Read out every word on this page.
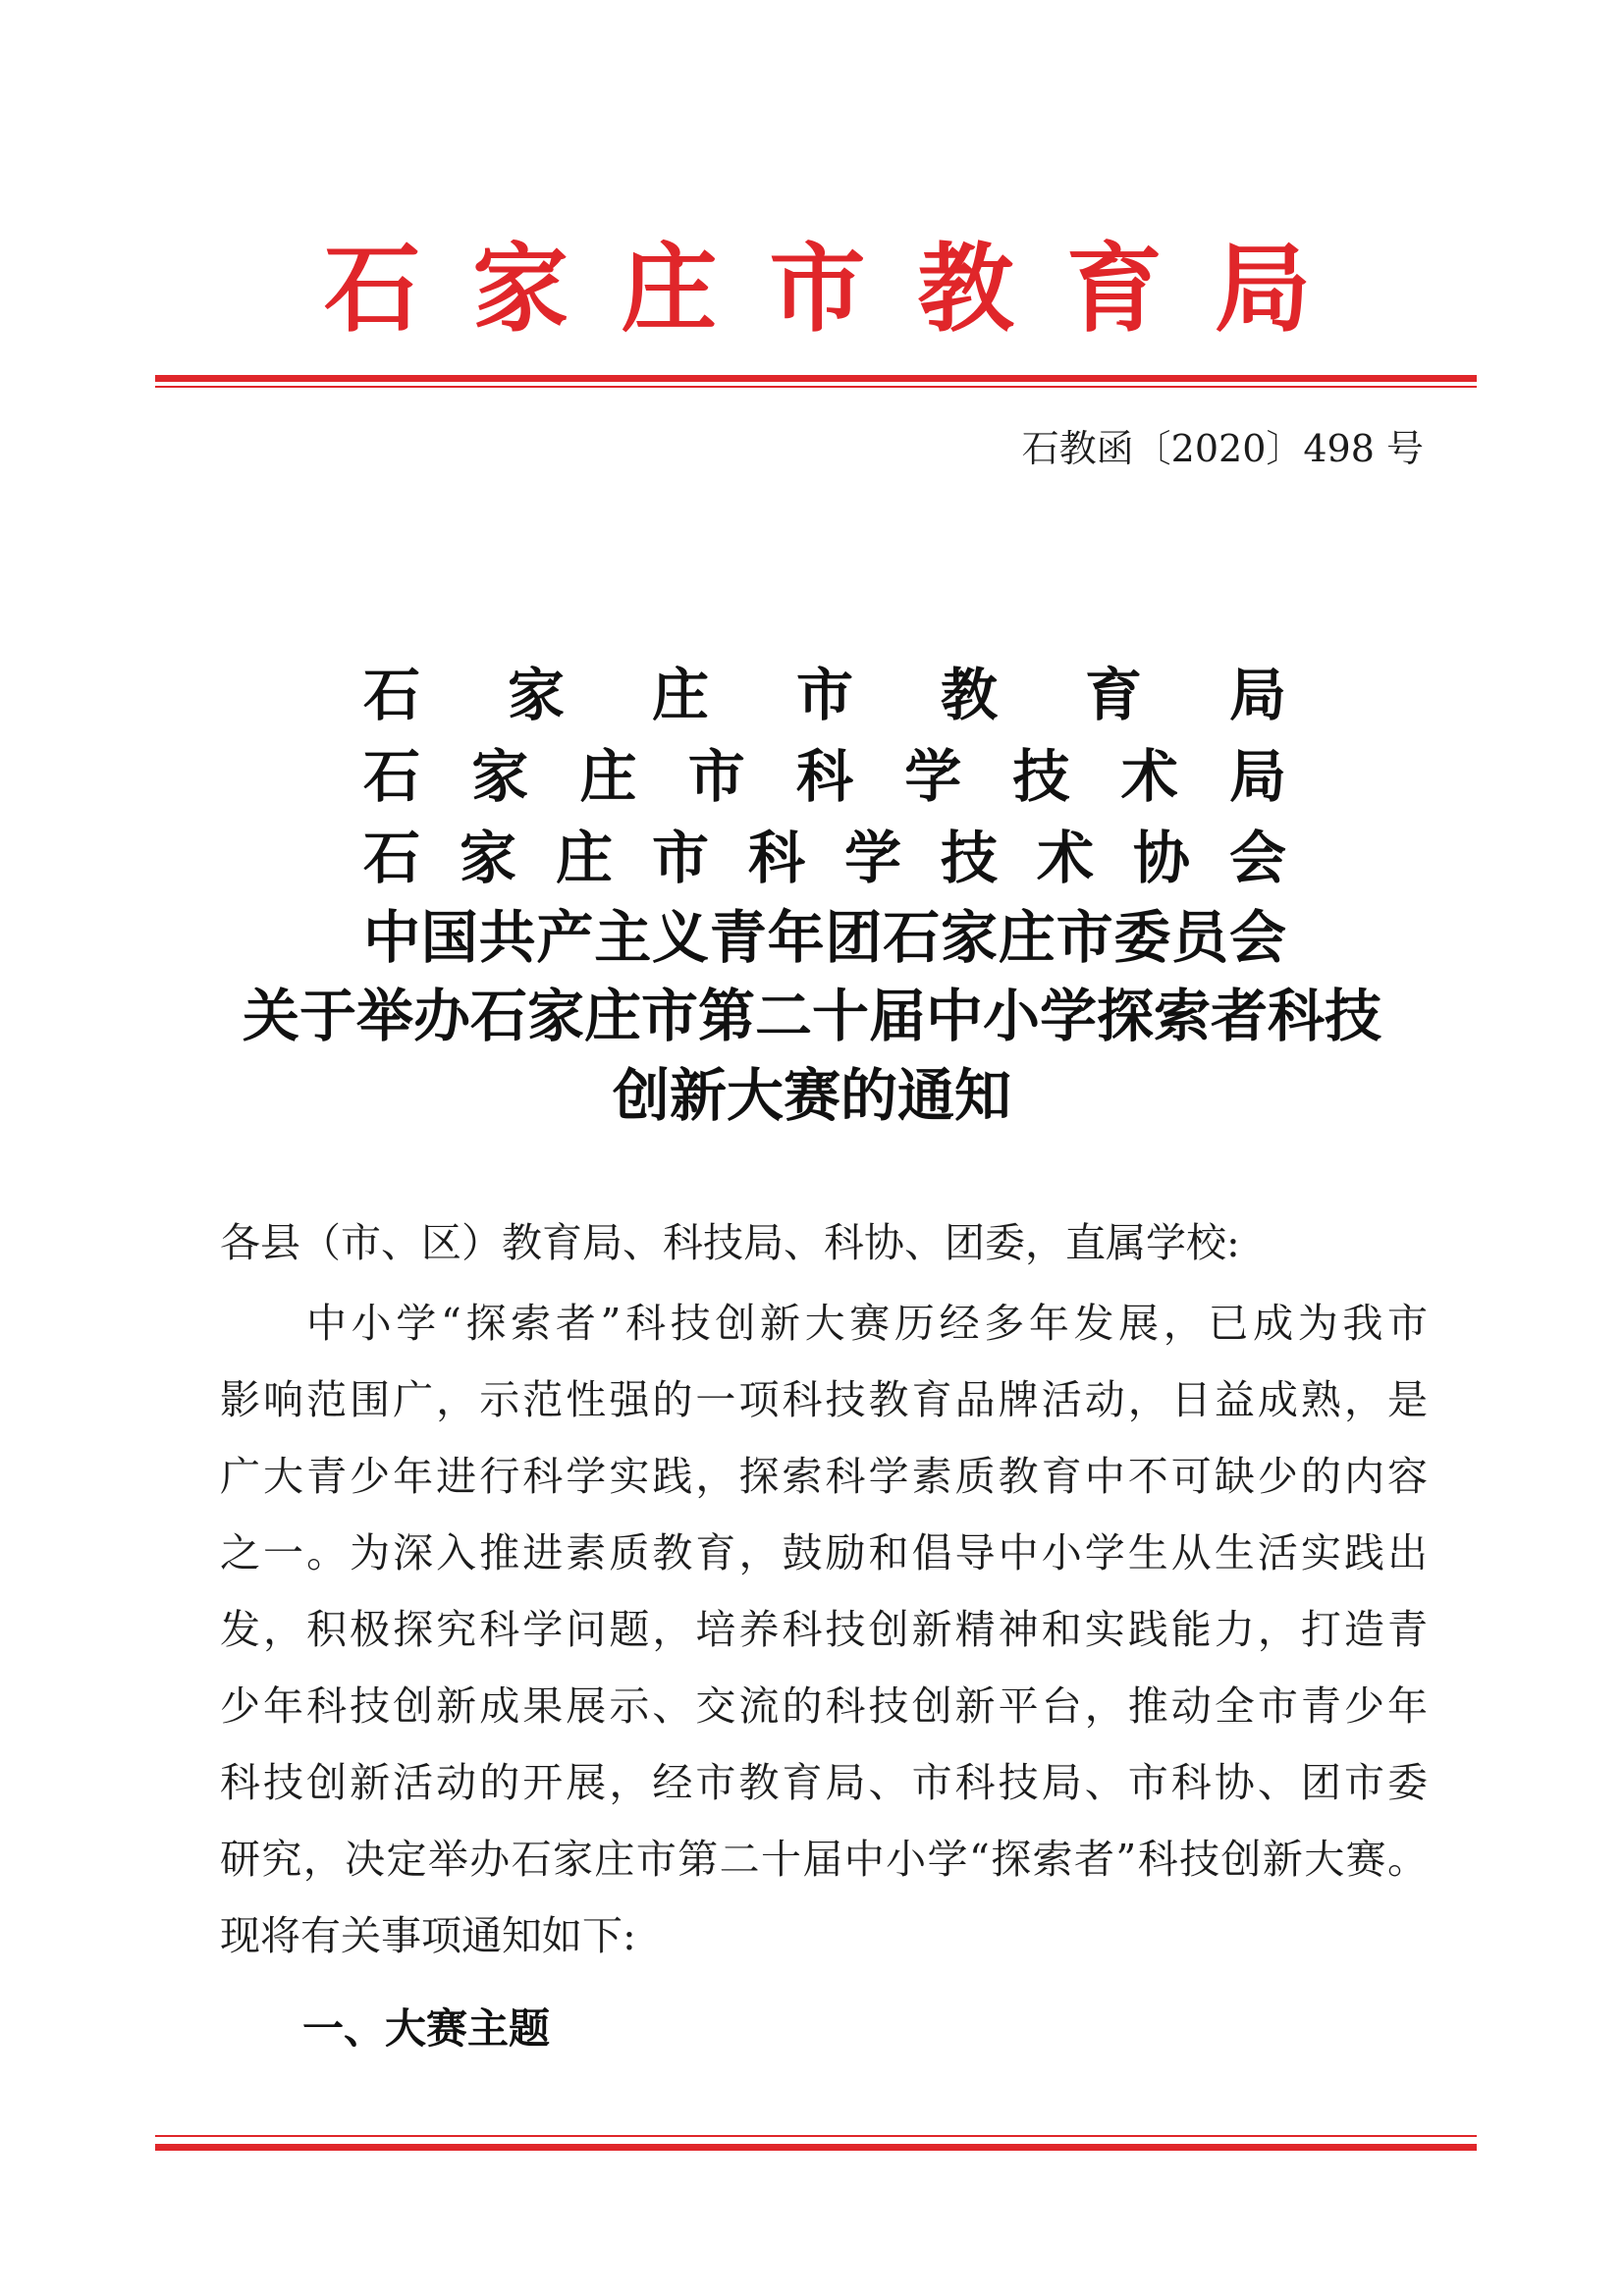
石家庄市教育局
石教函〔2020〕498 号
石家庄市教育局
石家庄市科学技术局
石家庄市科学技术协会
中国共产主义青年团石家庄市委员会
关于举办石家庄市第二十届中小学探索者科技
创新大赛的通知
各县（市、区）教育局、科技局、科协、团委，直属学校:
中小学“探索者”科技创新大赛历经多年发展，已成为我市
影响范围广，示范性强的一项科技教育品牌活动，日益成熟，是
广大青少年进行科学实践，探索科学素质教育中不可缺少的内容
之一。为深入推进素质教育，鼓励和倡导中小学生从生活实践出
发，积极探究科学问题，培养科技创新精神和实践能力，打造青
少年科技创新成果展示、交流的科技创新平台，推动全市青少年
科技创新活动的开展，经市教育局、市科技局、市科协、团市委
研究，决定举办石家庄市第二十届中小学“探索者”科技创新大赛。
现将有关事项通知如下:
一、大赛主题
